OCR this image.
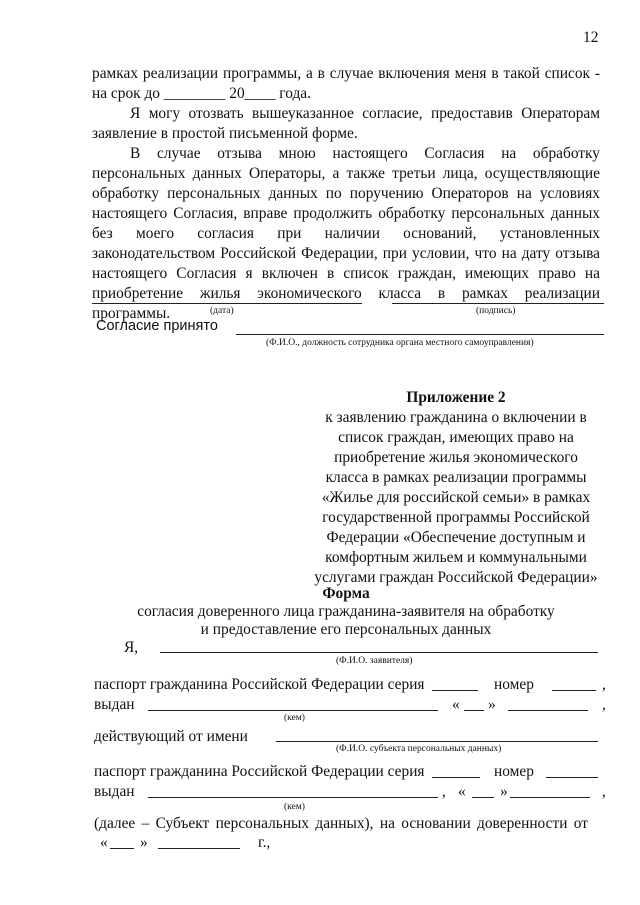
12

рамках реализации программы, а в случае включения меня в такой список -

на срок до ________ 20____ года.

Я могу отозвать вышеуказанное согласие, предоставив Операторам

заявление в простой письменной форме.

В случае отзыва мною настоящего Согласия на обработку

персональных данных Операторы, а также третьи лица, осуществляющие

обработку персональных данных по поручению Операторов на условиях

настоящего Согласия, вправе продолжить обработку персональных данных

без моего согласия при наличии оснований, установленных

законодательством Российской Федерации, при условии, что на дату отзыва

настоящего Согласия я включен в список граждан, имеющих право на

приобретение жилья экономического класса в рамках реализации программы.	(дата)	(подпись)
Согласие принято
(Ф.И.О., должность сотрудника органа местного самоуправления)
Приложение 2
к заявлению гражданина о включении в
список граждан, имеющих право на
приобретение жилья экономического
класса в рамках реализации программы
«Жилье для российской семьи» в рамках
государственной программы Российской
Федерации «Обеспечение доступным и
комфортным жильем и коммунальными
услугами граждан Российской Федерации»
Форма
согласия доверенного лица гражданина-заявителя на обработку
и предоставление его персональных данных
Я,
(Ф.И.О. заявителя)
паспорт гражданина Российской Федерации серия	номер	,
выдан	« »	,
(кем)
действующий от имени
(Ф.И.О. субъекта персональных данных)
паспорт гражданина Российской Федерации серия	номер
выдан	, « »	,
(кем)
(далее – Субъект персональных данных), на основании доверенности от
« »	г.,
